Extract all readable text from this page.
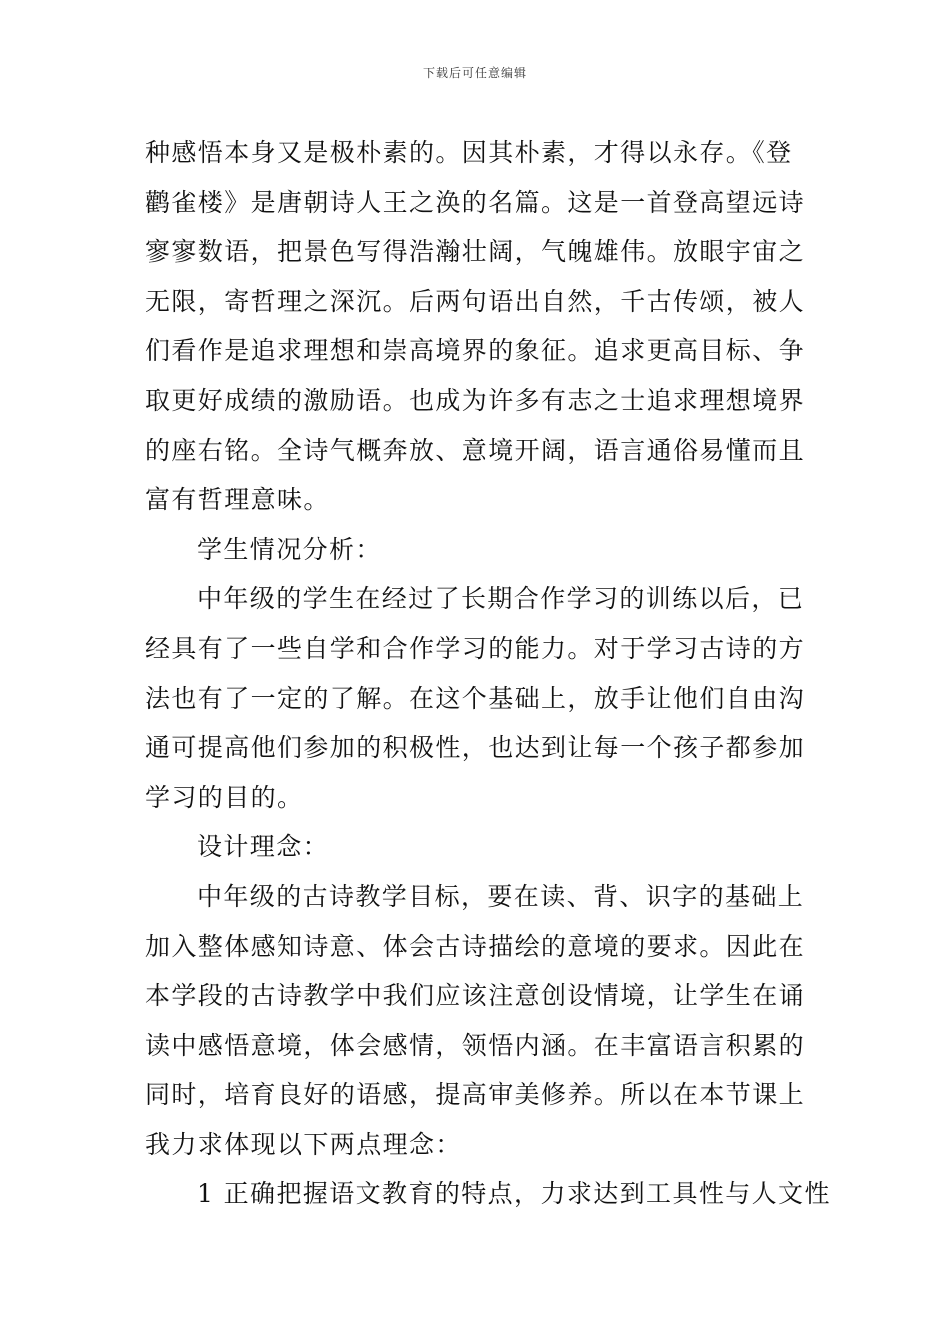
下载后可任意编辑
种感悟本身又是极朴素的。因其朴素，才得以永存。《登
鹳雀楼》是唐朝诗人王之涣的名篇。这是一首登高望远诗
寥寥数语，把景色写得浩瀚壮阔，气魄雄伟。放眼宇宙之
无限，寄哲理之深沉。后两句语出自然，千古传颂，被人
们看作是追求理想和崇高境界的象征。追求更高目标、争
取更好成绩的激励语。也成为许多有志之士追求理想境界
的座右铭。全诗气概奔放、意境开阔，语言通俗易懂而且
富有哲理意味。
学生情况分析：
中年级的学生在经过了长期合作学习的训练以后，已
经具有了一些自学和合作学习的能力。对于学习古诗的方
法也有了一定的了解。在这个基础上，放手让他们自由沟
通可提高他们参加的积极性，也达到让每一个孩子都参加
学习的目的。
设计理念：
中年级的古诗教学目标，要在读、背、识字的基础上
加入整体感知诗意、体会古诗描绘的意境的要求。因此在
本学段的古诗教学中我们应该注意创设情境，让学生在诵
读中感悟意境，体会感情，领悟内涵。在丰富语言积累的
同时，培育良好的语感，提高审美修养。所以在本节课上
我力求体现以下两点理念：
1 正确把握语文教育的特点，力求达到工具性与人文性
